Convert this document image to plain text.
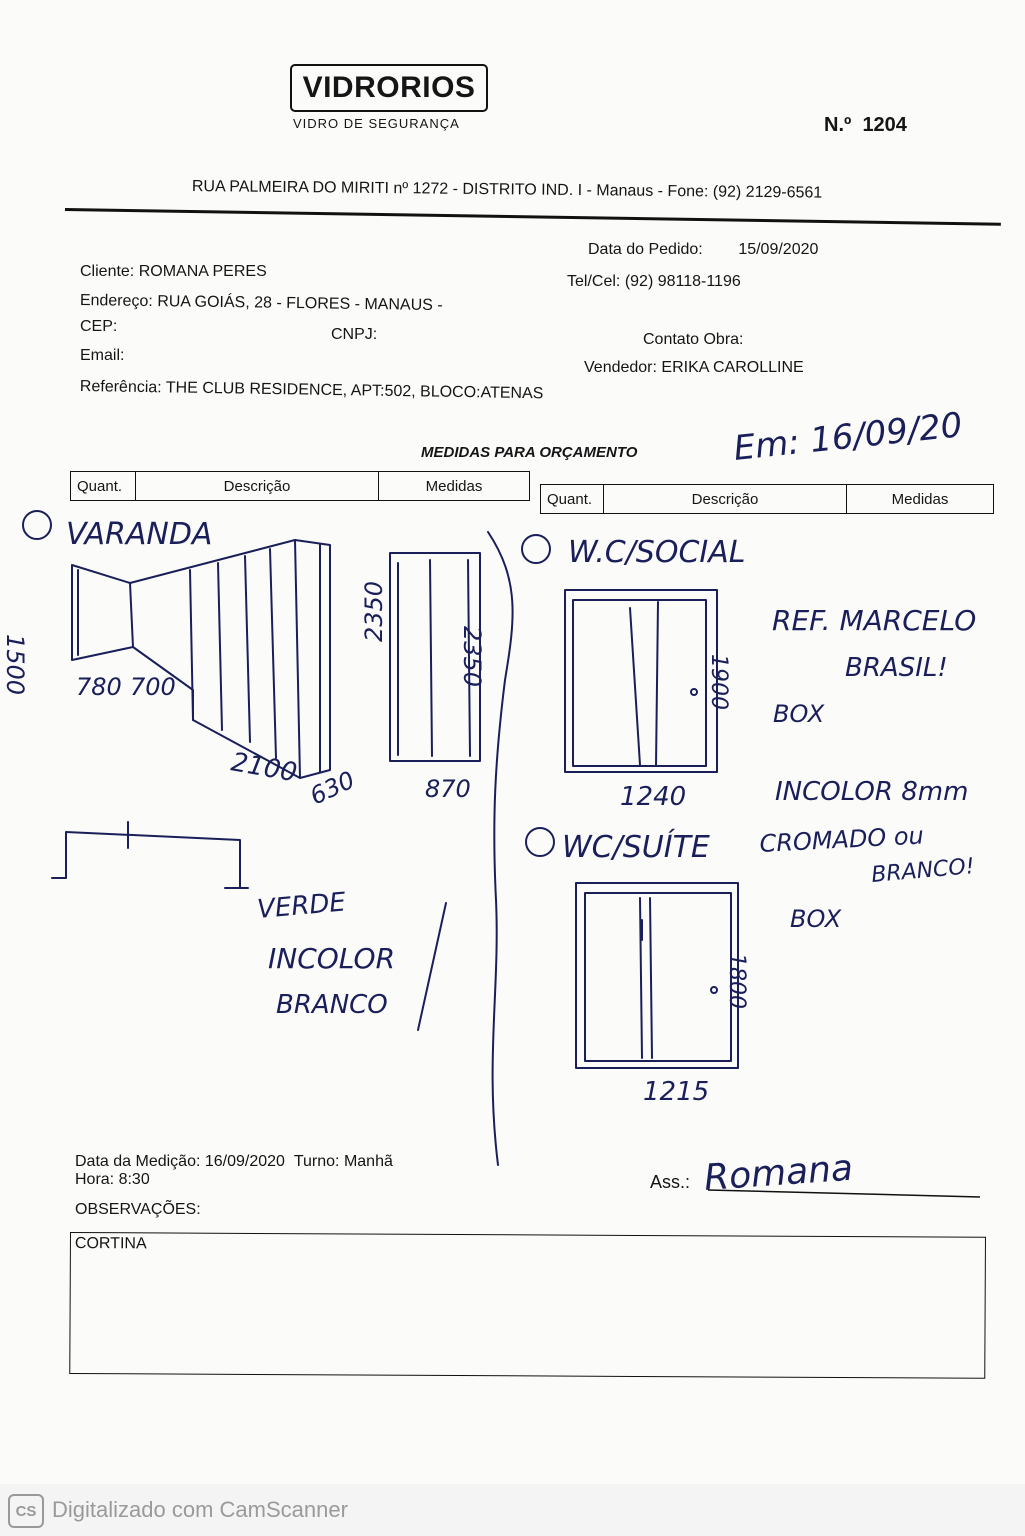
VIDRORIOS
VIDRO DE SEGURANÇA	N.º 1204
RUA PALMEIRA DO MIRITI nº 1272 - DISTRITO IND. I - Manaus - Fone: (92) 2129-6561
Cliente: ROMANA PERES
Endereço: RUA GOIÁS, 28 - FLORES - MANAUS -
CEP:	CNPJ:
Email:
Referência: THE CLUB RESIDENCE, APT:502, BLOCO:ATENAS
Data do Pedido: 15/09/2020
Tel/Cel: (92) 98118-1196
Contato Obra:
Vendedor: ERIKA CAROLLINE
MEDIDAS PARA ORÇAMENTO
Quant.	Descrição	Medidas
Quant.	Descrição	Medidas
Em: 16/09/20
VARANDA
1500 780 700
2350
2100 630
2350
870
VERDE
INCOLOR
BRANCO
W.C/SOCIAL
1900
1240
REF. MARCELO
BRASIL!
BOX
INCOLOR 8mm
CROMADO ou
BRANCO!
WC/SUÍTE
BOX
1800
1215
Romana
Data da Medição: 16/09/2020 Turno: Manhã
Hora: 8:30	Ass.:
OBSERVAÇÕES:
CORTINA
CS Digitalizado com CamScanner
